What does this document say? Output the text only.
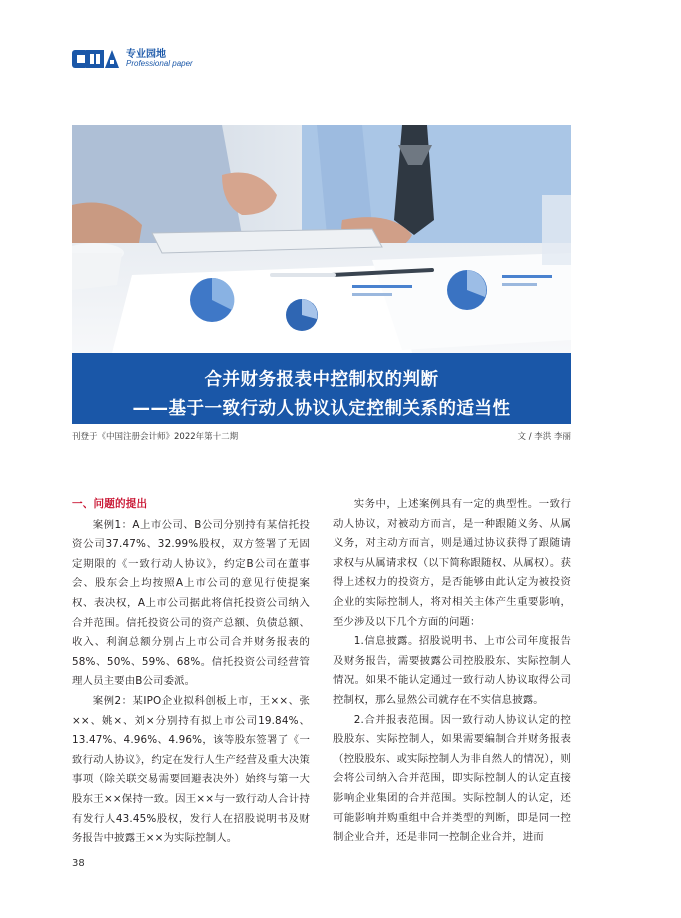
专业园地
Professional paper
合并财务报表中控制权的判断
——基于一致行动人协议认定控制关系的适当性
刊登于《中国注册会计师》2022年第十二期	文 / 李洪 李丽
一、问题的提出

案例1：A上市公司、B公司分别持有某信托投资公司37.47%、32.99%股权，双方签署了无固定期限的《一致行动人协议》，约定B公司在董事会、股东会上均按照A上市公司的意见行使提案权、表决权，A上市公司据此将信托投资公司纳入合并范围。信托投资公司的资产总额、负债总额、收入、利润总额分别占上市公司合并财务报表的58%、50%、59%、68%。信托投资公司经营管理人员主要由B公司委派。

案例2：某IPO企业拟科创板上市，王××、张××、姚×、刘×分别持有拟上市公司19.84%、13.47%、4.96%、4.96%，该等股东签署了《一致行动人协议》，约定在发行人生产经营及重大决策事项（除关联交易需要回避表决外）始终与第一大股东王××保持一致。因王××与一致行动人合计持有发行人43.45%股权，发行人在招股说明书及财务报告中披露王××为实际控制人。

实务中，上述案例具有一定的典型性。一致行动人协议，对被动方而言，是一种跟随义务、从属义务，对主动方而言，则是通过协议获得了跟随请求权与从属请求权（以下简称跟随权、从属权）。获得上述权力的投资方，是否能够由此认定为被投资企业的实际控制人，将对相关主体产生重要影响，至少涉及以下几个方面的问题：

1.信息披露。招股说明书、上市公司年度报告及财务报告，需要披露公司控股股东、实际控制人情况。如果不能认定通过一致行动人协议取得公司控制权，那么显然公司就存在不实信息披露。

2.合并报表范围。因一致行动人协议认定的控股股东、实际控制人，如果需要编制合并财务报表（控股股东、或实际控制人为非自然人的情况），则会将公司纳入合并范围，即实际控制人的认定直接影响企业集团的合并范围。实际控制人的认定，还可能影响并购重组中合并类型的判断，即是同一控制企业合并，还是非同一控制企业合并，进而

38
